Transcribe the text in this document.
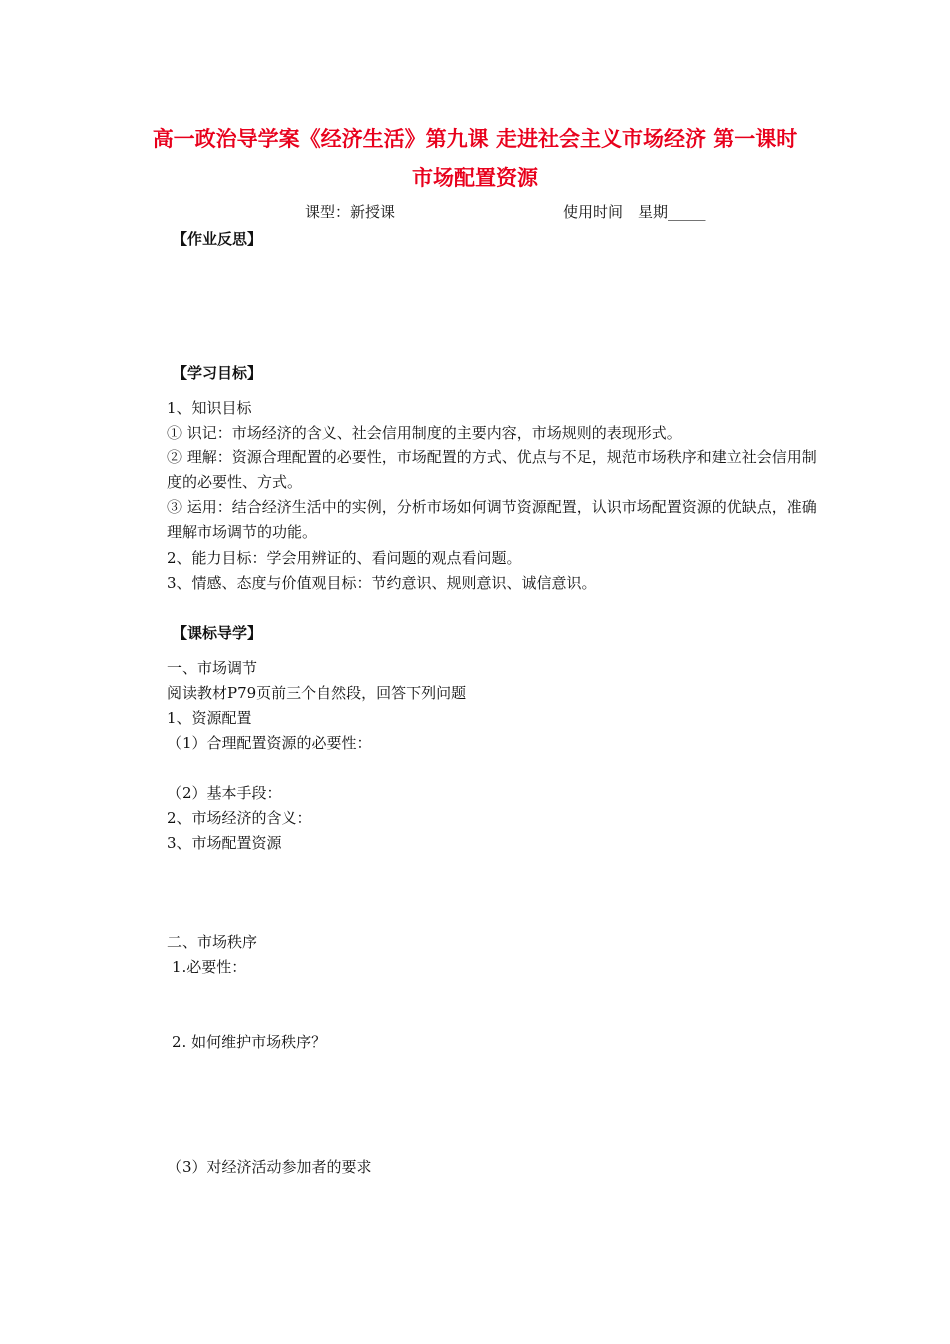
高一政治导学案《经济生活》第九课 走进社会主义市场经济 第一课时 市场配置资源
课型：新授课	使用时间　星期_____
【作业反思】
【学习目标】
1、知识目标
① 识记：市场经济的含义、社会信用制度的主要内容，市场规则的表现形式。

② 理解：资源合理配置的必要性，市场配置的方式、优点与不足，规范市场秩序和建立社会信用制度的必要性、方式。

③ 运用：结合经济生活中的实例，分析市场如何调节资源配置，认识市场配置资源的优缺点，准确理解市场调节的功能。

2、能力目标：学会用辨证的、看问题的观点看问题。
3、情感、态度与价值观目标：节约意识、规则意识、诚信意识。
【课标导学】
一、市场调节
阅读教材P79页前三个自然段，回答下列问题
1、资源配置
（1）合理配置资源的必要性：
（2）基本手段：
2、市场经济的含义：
3、市场配置资源
二、市场秩序
1.必要性：
2. 如何维护市场秩序？
（3）对经济活动参加者的要求
